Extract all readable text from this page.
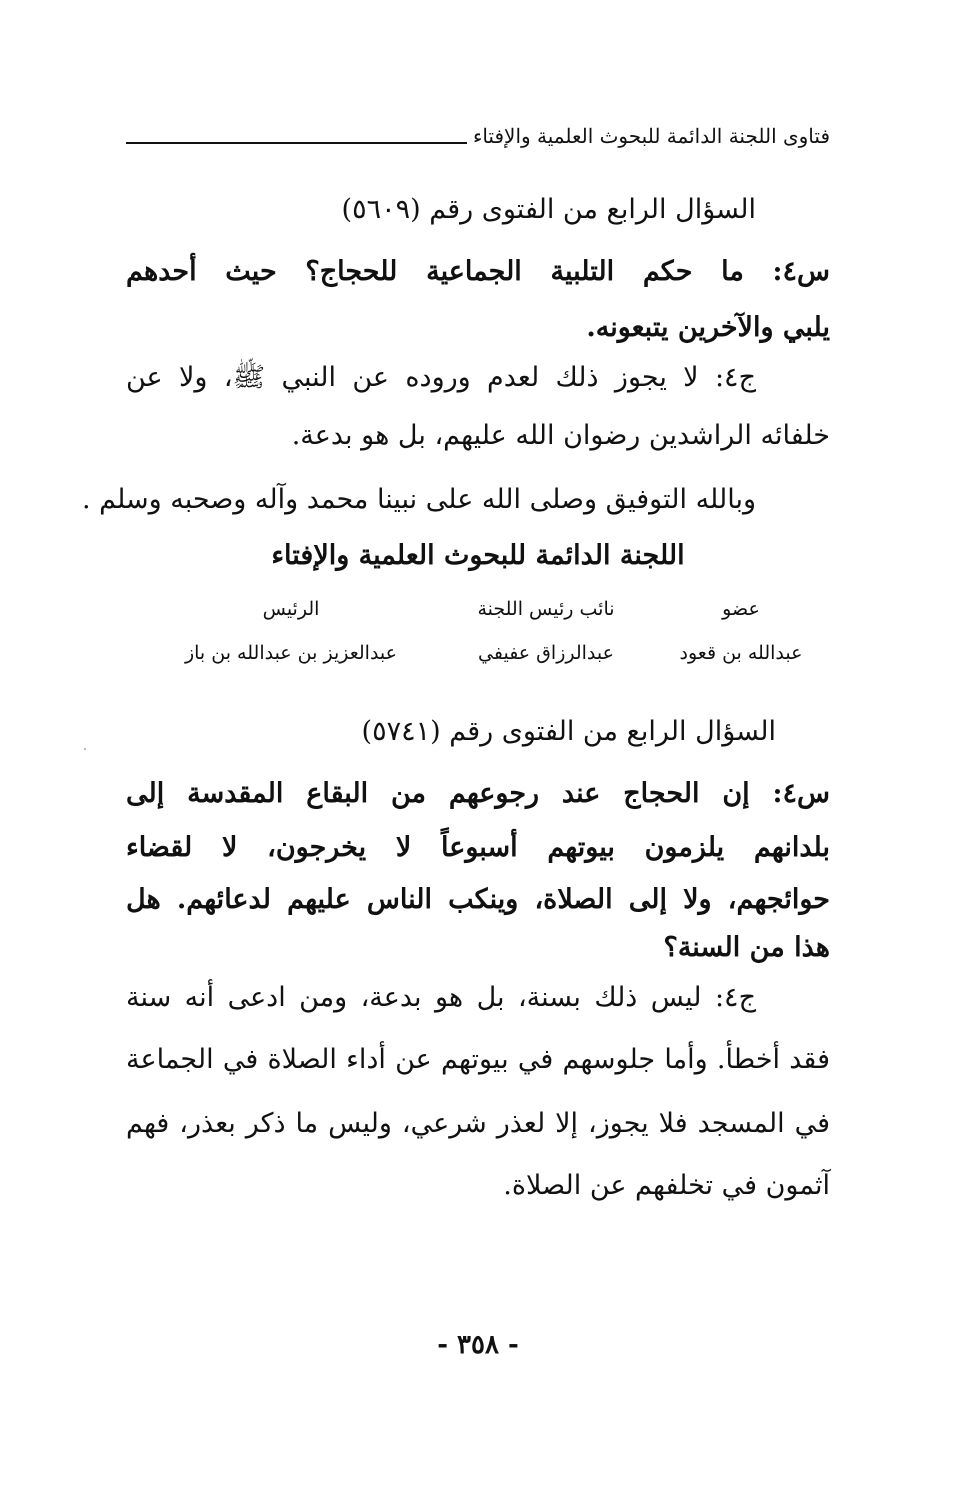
فتاوى اللجنة الدائمة للبحوث العلمية والإفتاء
السؤال الرابع من الفتوى رقم (٥٦٠٩)
س٤: ما حكم التلبية الجماعية للحجاج؟ حيث أحدهم
يلبي والآخرين يتبعونه.
ج٤: لا يجوز ذلك لعدم وروده عن النبي ﷺ، ولا عن
خلفائه الراشدين رضوان الله عليهم، بل هو بدعة.
وبالله التوفيق وصلى الله على نبينا محمد وآله وصحبه وسلم .
اللجنة الدائمة للبحوث العلمية والإفتاء
عضو
نائب رئيس اللجنة
الرئيس
عبدالله بن قعود
عبدالرزاق عفيفي
عبدالعزيز بن عبدالله بن باز
السؤال الرابع من الفتوى رقم (٥٧٤١)
س٤: إن الحجاج عند رجوعهم من البقاع المقدسة إلى
بلدانهم يلزمون بيوتهم أسبوعاً لا يخرجون، لا لقضاء
حوائجهم، ولا إلى الصلاة، وينكب الناس عليهم لدعائهم. هل
هذا من السنة؟
ج٤: ليس ذلك بسنة، بل هو بدعة، ومن ادعى أنه سنة
فقد أخطأ. وأما جلوسهم في بيوتهم عن أداء الصلاة في الجماعة
في المسجد فلا يجوز، إلا لعذر شرعي، وليس ما ذكر بعذر، فهم
آثمون في تخلفهم عن الصلاة.
- ٣٥٨ -
